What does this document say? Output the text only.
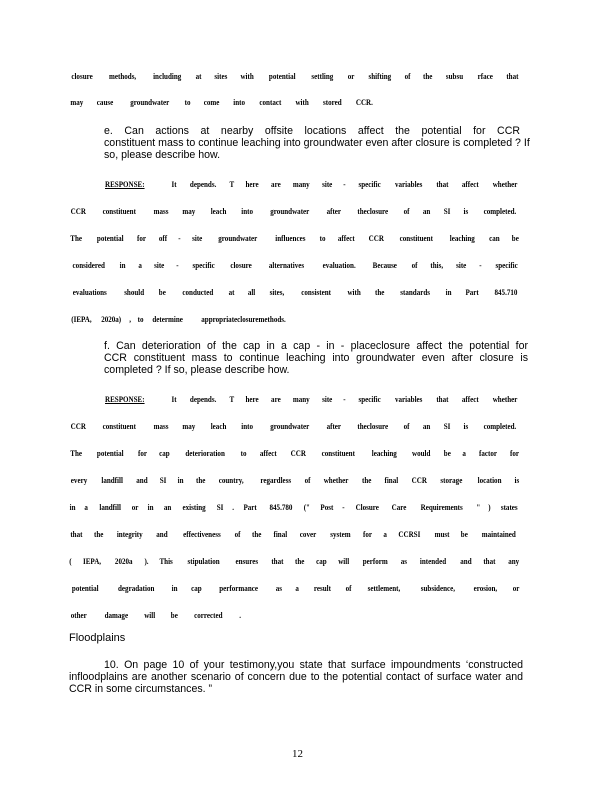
closure methods, including at sites with potential settling or shifting of the subsu rface that
may cause groundwater to come into contact with stored CCR.
e. Can actions at nearby offsite locations affect the potential for CCR
constituent mass to continue leaching into groundwater even after closure is completed ? If
so, please describe how.
RESPONSE:	It depends. T here are many site - specific variables that affect whether
CCR constituent mass may leach into groundwater after theclosure of an SI is completed.
The potential for off - site groundwater influences to affect CCR constituent leaching can be
considered in a site - specific closure alternatives evaluation. Because of this, site - specific
evaluations should be conducted at all sites, consistent with the standards in Part 845.710
(IEPA, 2020a) , to determine appropriateclosuremethods.
f. Can deterioration of the cap in a cap - in - placeclosure affect the potential for
CCR constituent mass to continue leaching into groundwater even after closure is
completed ? If so, please describe how.
RESPONSE:	It depends. T here are many site - specific variables that affect whether
CCR constituent mass may leach into groundwater after theclosure of an SI is completed.
The potential for cap deterioration to affect CCR constituent leaching would be a factor for
every landfill and SI in the country, regardless of whether the final CCR storage location is
in a landfill or in an existing SI . Part 845.780 (" Post - Closure Care Requirements " ) states
that the integrity and effectiveness of the final cover system for a CCRSI must be maintained
( IEPA, 2020a ). This stipulation ensures that the cap will perform as intended and that any
potential degradation in cap performance as a result of settlement, subsidence, erosion, or
other damage will be corrected .
Floodplains
10. On page 10 of your testimony,you state that surface impoundments ‘constructed
infloodplains are another scenario of concern due to the potential contact of surface water and
CCR in some circumstances. ”
12
